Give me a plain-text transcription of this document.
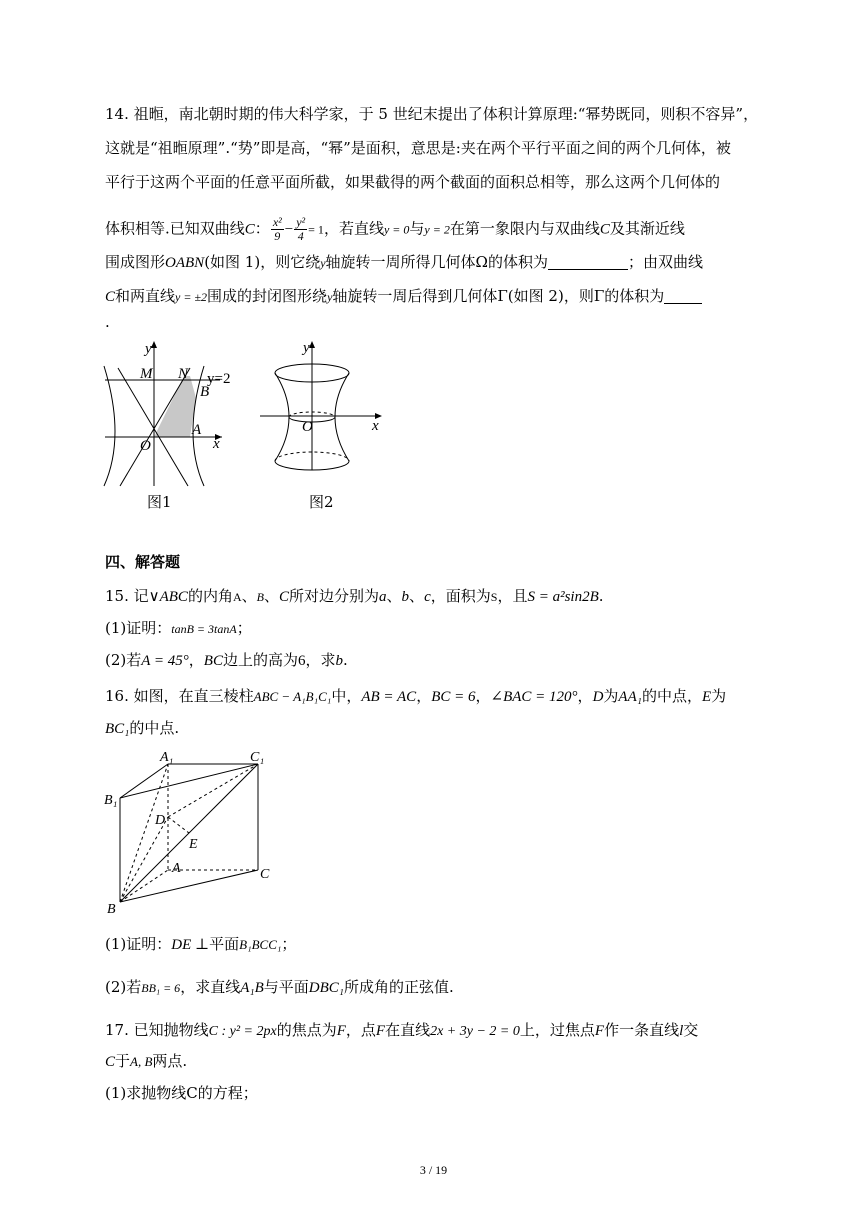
14. 祖暅，南北朝时期的伟大科学家，于 5 世纪末提出了体积计算原理:“幂势既同，则积不容异”，
这就是“祖暅原理”.“势”即是高，“幂”是面积，意思是:夹在两个平行平面之间的两个几何体，被
平行于这两个平面的任意平面所截，如果截得的两个截面的面积总相等，那么这两个几何体的
体积相等.已知双曲线C： $\frac{\text{x²}}{9} - \frac{\text{y²}}{4} = 1$，若直线y = 0与y = 2在第一象限内与双曲线C及其渐近线
围成图形OABN(如图 1)，则它绕y轴旋转一周所得几何体Ω的体积为	；由双曲线
C和两直线y = ±2围成的封闭图形绕y轴旋转一周后得到几何体Γ(如图 2)，则Γ的体积为
.
y
x
O
M N
B
A
y=2
图1
y
x
O
图2
四、解答题
15. 记∨ABC的内角A、B、C所对边分别为a、b、c，面积为S，且S = a²sin2B.
(1)证明：tanB = 3tanA；
(2)若A = 45°，BC边上的高为6，求b.
16. 如图，在直三棱柱ABC − A₁B₁C₁中，AB = AC，BC = 6，∠BAC = 120°，D为AA₁的中点，E为
BC₁的中点.
A₁	C₁
B₁
D
E
A	C
B
(1)证明：DE ⊥平面B₁BCC₁；
(2)若BB₁ = 6，求直线A₁B与平面DBC₁所成角的正弦值.
17. 已知抛物线C : y² = 2px的焦点为F，点F在直线2x + 3y − 2 = 0上，过焦点F作一条直线l交
C于A, B两点.
(1)求抛物线C的方程；
3 / 19
